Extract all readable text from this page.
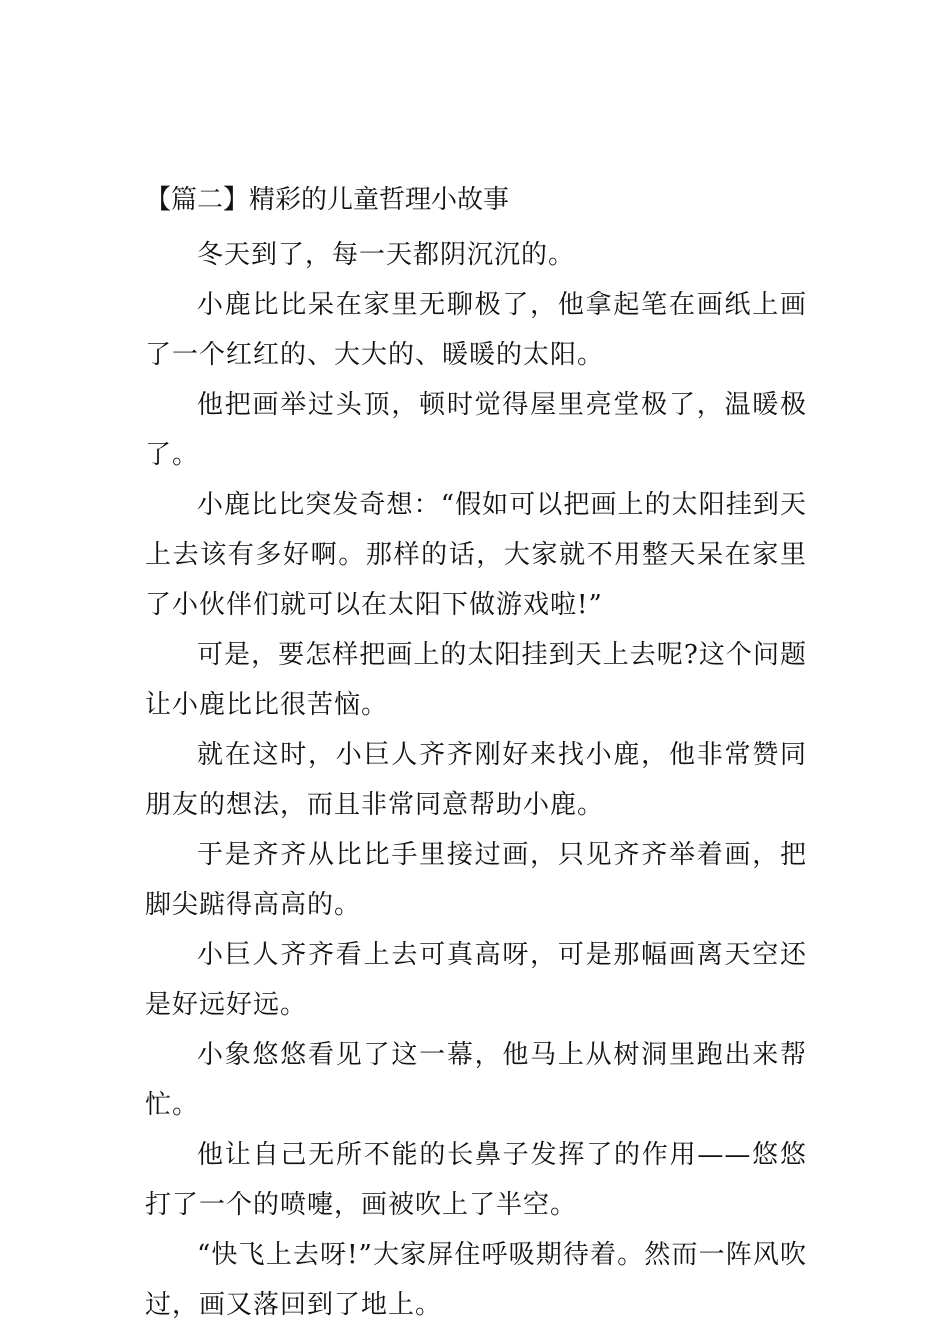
【篇二】精彩的儿童哲理小故事

冬天到了，每一天都阴沉沉的。

小鹿比比呆在家里无聊极了，他拿起笔在画纸上画了一个红红的、大大的、暖暖的太阳。

他把画举过头顶，顿时觉得屋里亮堂极了，温暖极了。

小鹿比比突发奇想：“假如可以把画上的太阳挂到天上去该有多好啊。那样的话，大家就不用整天呆在家里了小伙伴们就可以在太阳下做游戏啦!”

可是，要怎样把画上的太阳挂到天上去呢?这个问题让小鹿比比很苦恼。

就在这时，小巨人齐齐刚好来找小鹿，他非常赞同朋友的想法，而且非常同意帮助小鹿。

于是齐齐从比比手里接过画，只见齐齐举着画，把脚尖踮得高高的。

小巨人齐齐看上去可真高呀，可是那幅画离天空还是好远好远。

小象悠悠看见了这一幕，他马上从树洞里跑出来帮忙。

他让自己无所不能的长鼻子发挥了的作用——悠悠打了一个的喷嚏，画被吹上了半空。

“快飞上去呀!”大家屏住呼吸期待着。然而一阵风吹过，画又落回到了地上。
